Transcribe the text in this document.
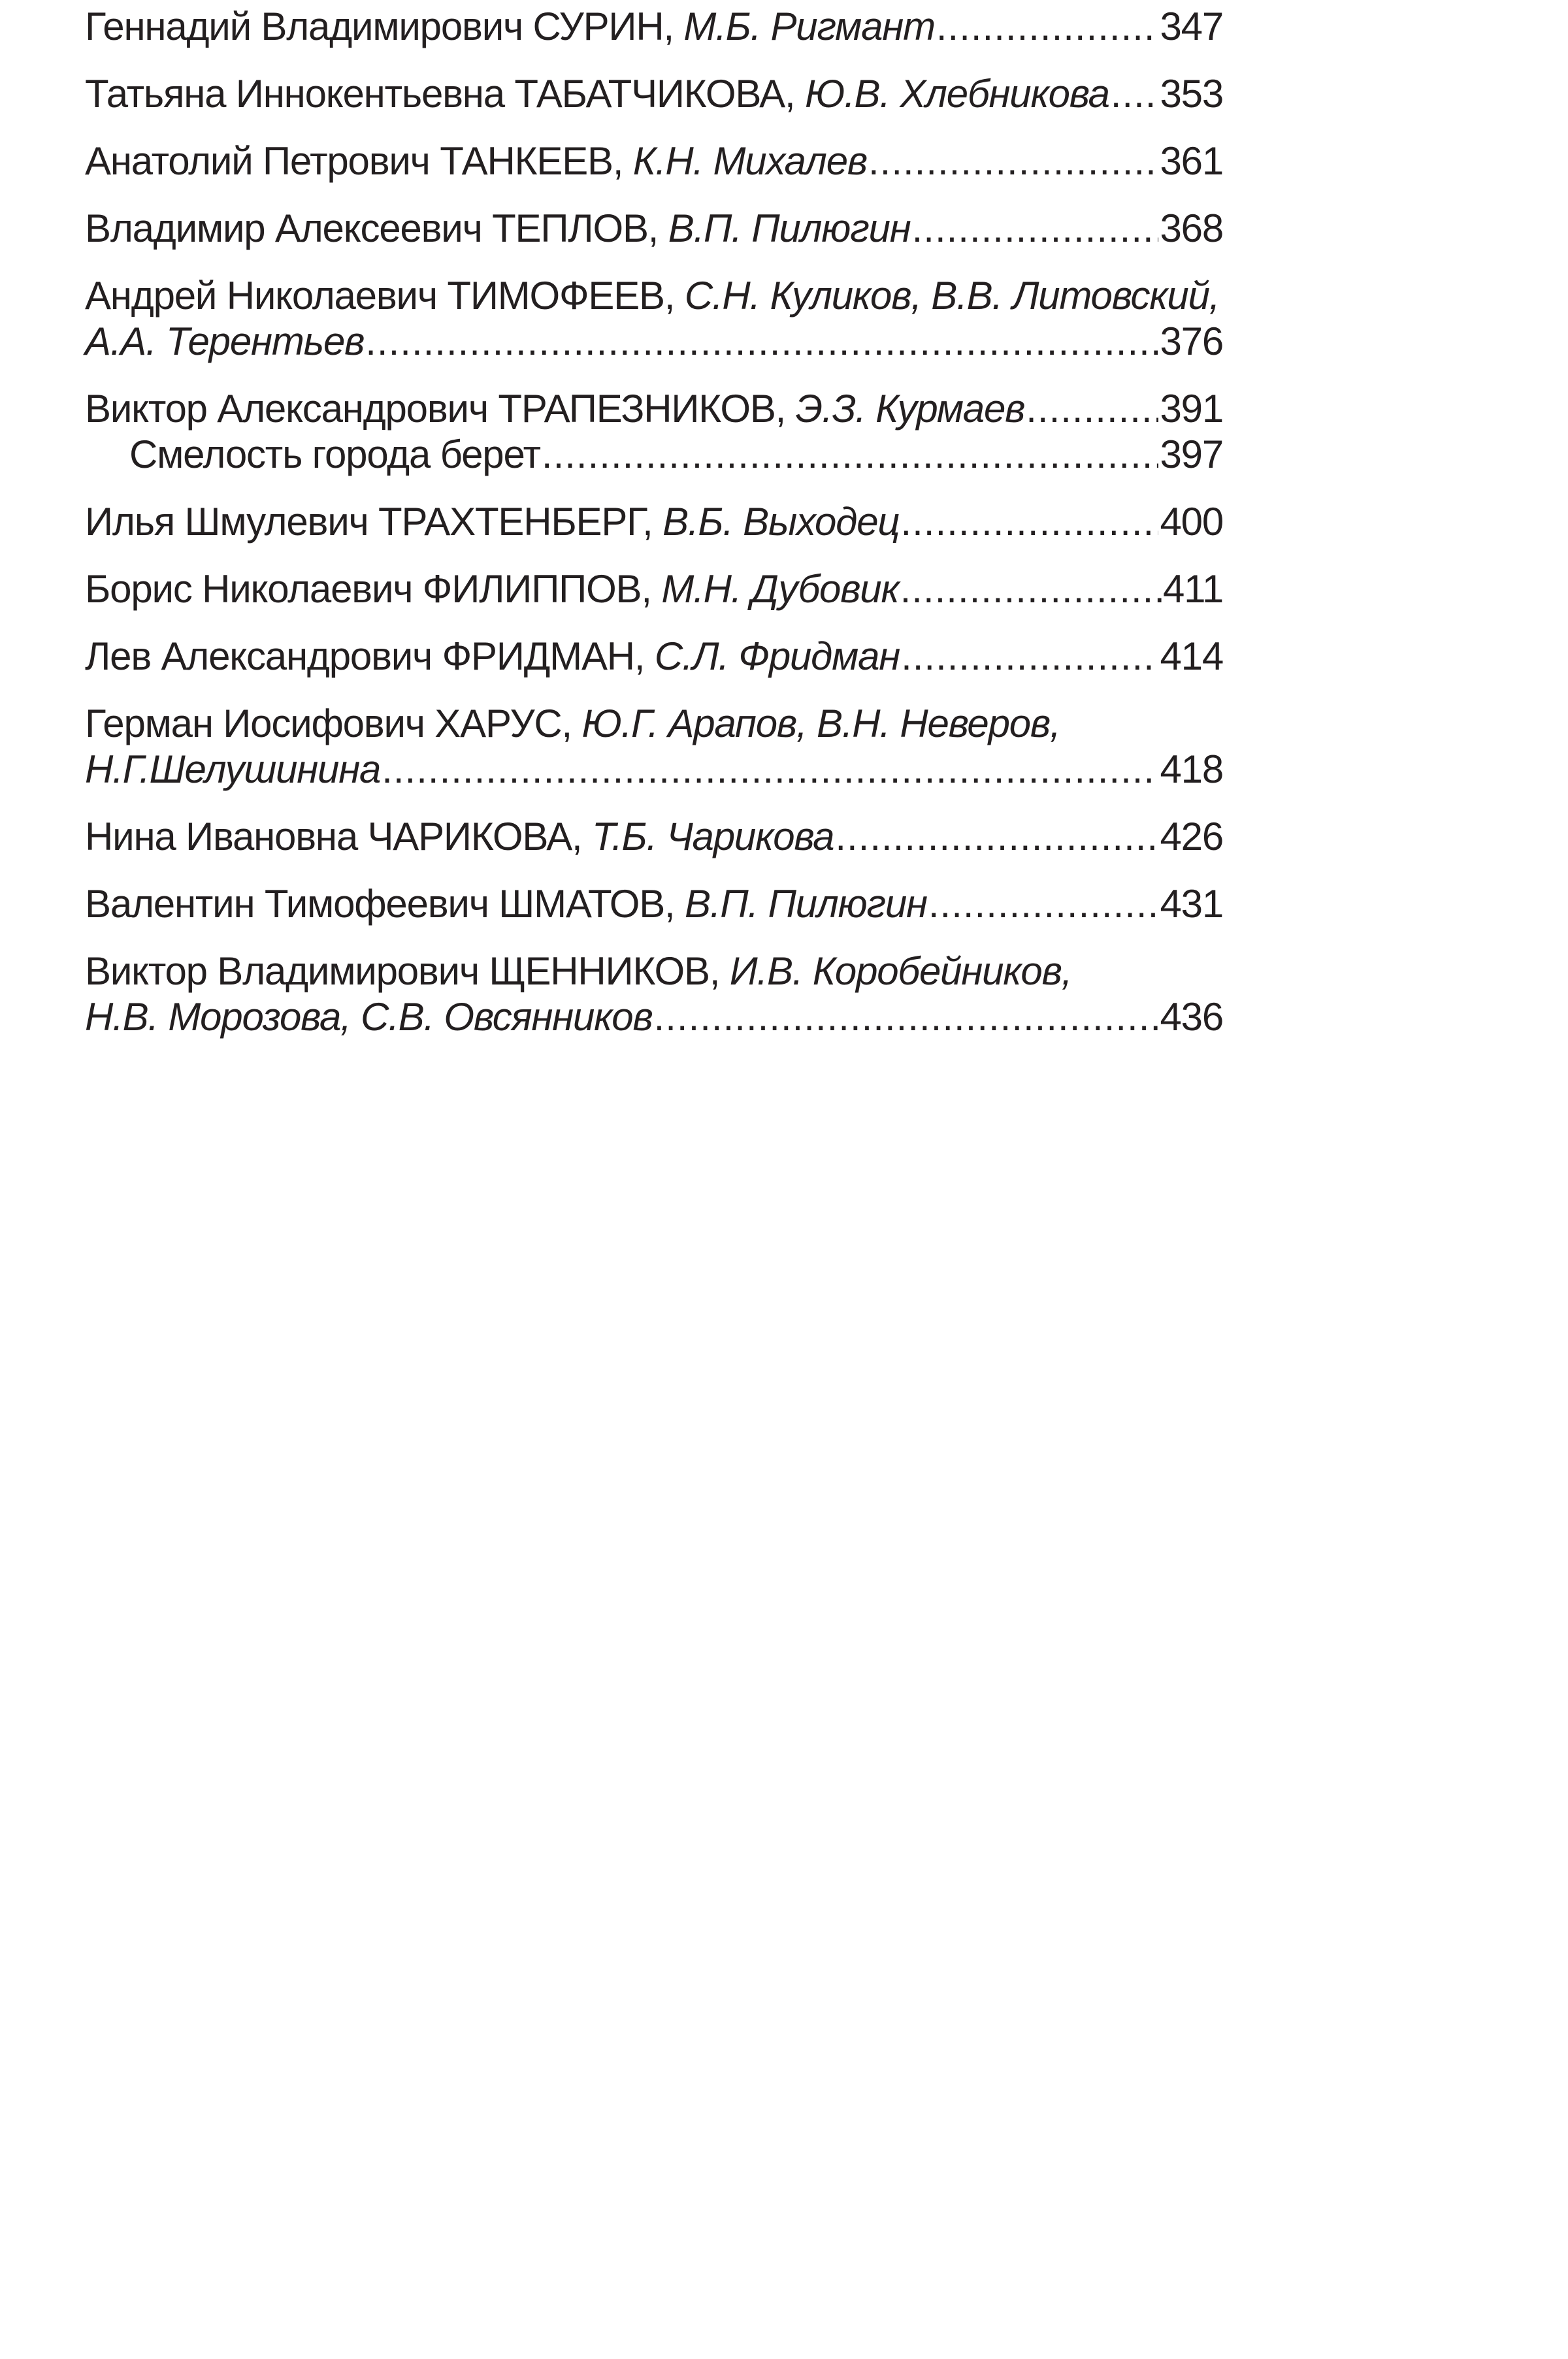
Геннадий Владимирович СУРИН, М.Б. Ригмант .....	347
Татьяна Иннокентьевна ТАБАТЧИКОВА, Ю.В. Хлебникова ..... 353
Анатолий Петрович ТАНКЕЕВ, К.Н. Михалев .....	361
Владимир Алексеевич ТЕПЛОВ, В.П. Пилюгин .....	368
Андрей Николаевич ТИМОФЕЕВ, С.Н. Куликов, В.В. Литовский,
А.А. Терентьев .....	376
Виктор Александрович ТРАПЕЗНИКОВ, Э.З. Курмаев .....	391
Смелость города берет .....	397
Илья Шмулевич ТРАХТЕНБЕРГ, В.Б. Выходец .....	400
Борис Николаевич ФИЛИППОВ, М.Н. Дубовик .....	411
Лев Александрович ФРИДМАН, С.Л. Фридман .....	414
Герман Иосифович ХАРУС, Ю.Г. Арапов, В.Н. Неверов,
Н.Г.Шелушинина .....	418
Нина Ивановна ЧАРИКОВА, Т.Б. Чарикова .....	426
Валентин Тимофеевич ШМАТОВ, В.П. Пилюгин .....	431
Виктор Владимирович ЩЕННИКОВ, И.В. Коробейников,
Н.В. Морозова, С.В. Овсянников .....	436
